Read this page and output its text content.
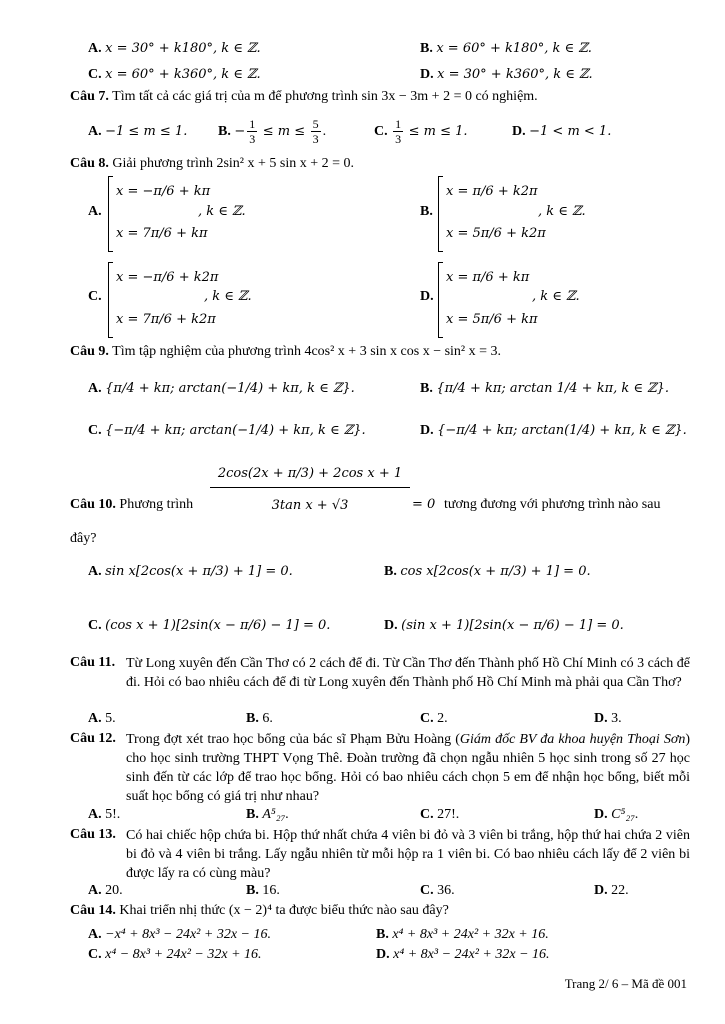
A. x = 30° + k180°, k ∈ ℤ.	B. x = 60° + k180°, k ∈ ℤ.
C. x = 60° + k360°, k ∈ ℤ.	D. x = 30° + k360°, k ∈ ℤ.
Câu 7. Tìm tất cả các giá trị của m để phương trình sin 3x − 3m + 2 = 0 có nghiệm.
A. −1 ≤ m ≤ 1. B. − $\frac{1}{3} \le m \le \frac{5}{3}$ .	C. $\frac{1}{3} \le m \le 1$.	D. −1 < m < 1.
Câu 8. Giải phương trình 2sin² x + 5 sin x + 2 = 0.
A.
x = −π/6 + kπ
x = 7π/6 + kπ
, k ∈ ℤ.	B.
x = π/6 + k2π
x = 5π/6 + k2π
, k ∈ ℤ.
C.
x = −π/6 + k2π
x = 7π/6 + k2π
, k ∈ ℤ.	D.
x = π/6 + kπ
x = 5π/6 + kπ
, k ∈ ℤ.
Câu 9. Tìm tập nghiệm của phương trình 4cos² x + 3 sin x cos x − sin² x = 3.
A. {π/4 + kπ; arctan(−1/4) + kπ, k ∈ ℤ}.	B. {π/4 + kπ; arctan 1/4 + kπ, k ∈ ℤ}.
C. {−π/4 + kπ; arctan(−1/4) + kπ, k ∈ ℤ}.	D. {−π/4 + kπ; arctan(1/4) + kπ, k ∈ ℤ}.
Câu 10. Phương trình $\frac{\text{2cos(2x + π/3) + 2cos x + 1}}{\text{3tan x + √3}} = 0$ tương đương với phương trình nào sau
đây?
A. sin x[2cos(x + π/3) + 1] = 0.	B. cos x[2cos(x + π/3) + 1] = 0.
C. (cos x + 1)[2sin(x − π/6) − 1] = 0.	D. (sin x + 1)[2sin(x − π/6) − 1] = 0.
Câu 11. Từ Long xuyên đến Cần Thơ có 2 cách để đi. Từ Cần Thơ đến Thành phố Hồ Chí Minh có 3 cách để đi. Hỏi có bao nhiêu cách để đi từ Long xuyên đến Thành phố Hồ Chí Minh mà phải qua Cần Thơ?
A. 5.	B. 6.	C. 2.	D. 3.
Câu 12. Trong đợt xét trao học bổng của bác sĩ Phạm Bửu Hoàng (Giám đốc BV đa khoa huyện Thoại Sơn) cho học sinh trường THPT Vọng Thê. Đoàn trường đã chọn ngẫu nhiên 5 học sinh trong số 27 học sinh đến từ các lớp để trao học bổng. Hỏi có bao nhiêu cách chọn 5 em để nhận học bổng, biết mỗi suất học bổng có giá trị như nhau?
A. 5!.	B. A⁵₂₇.	C. 27!.	D. C⁵₂₇.
Câu 13. Có hai chiếc hộp chứa bi. Hộp thứ nhất chứa 4 viên bi đỏ và 3 viên bi trắng, hộp thứ hai chứa 2 viên bi đỏ và 4 viên bi trắng. Lấy ngẫu nhiên từ mỗi hộp ra 1 viên bi. Có bao nhiêu cách lấy để 2 viên bi được lấy ra có cùng màu?
A. 20.	B. 16.	C. 36.	D. 22.
Câu 14. Khai triển nhị thức (x − 2)⁴ ta được biểu thức nào sau đây?
A. −x⁴ + 8x³ − 24x² + 32x − 16.	B. x⁴ + 8x³ + 24x² + 32x + 16.
C. x⁴ − 8x³ + 24x² − 32x + 16.	D. x⁴ + 8x³ − 24x² + 32x − 16.
Trang 2/ 6 – Mã đề 001
